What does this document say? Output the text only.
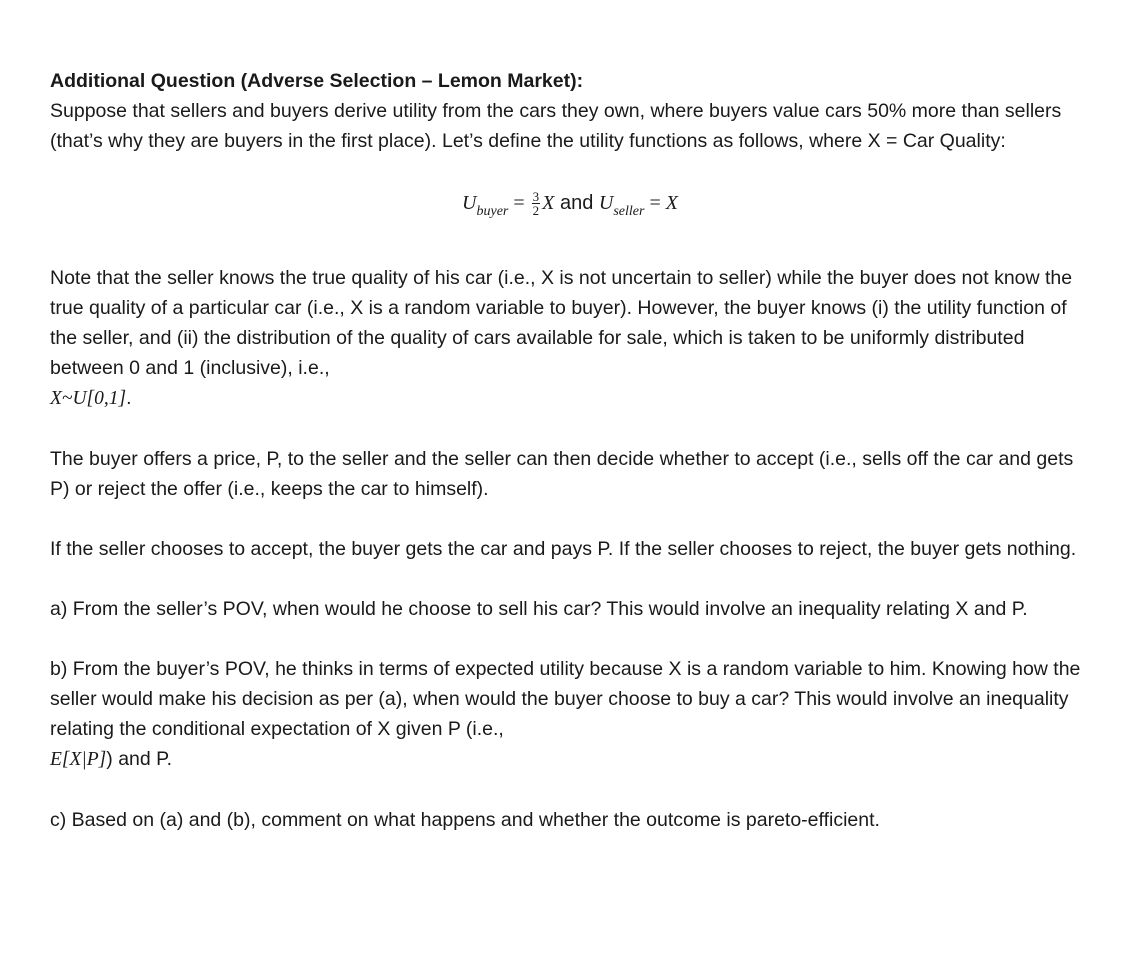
Additional Question (Adverse Selection – Lemon Market):

Suppose that sellers and buyers derive utility from the cars they own, where buyers value cars 50% more than sellers (that’s why they are buyers in the first place). Let’s define the utility functions as follows, where X = Car Quality:

$U_{buyer} = \frac{3}{2}$ X and $U_{seller} = X$

Note that the seller knows the true quality of his car (i.e., X is not uncertain to seller) while the buyer does not know the true quality of a particular car (i.e., X is a random variable to buyer). However, the buyer knows (i) the utility function of the seller, and (ii) the distribution of the quality of cars available for sale, which is taken to be uniformly distributed between 0 and 1 (inclusive), i.e.,
X~U[0,1].

The buyer offers a price, P, to the seller and the seller can then decide whether to accept (i.e., sells off the car and gets P) or reject the offer (i.e., keeps the car to himself).

If the seller chooses to accept, the buyer gets the car and pays P. If the seller chooses to reject, the buyer gets nothing.

a) From the seller’s POV, when would he choose to sell his car? This would involve an inequality relating X and P.

b) From the buyer’s POV, he thinks in terms of expected utility because X is a random variable to him. Knowing how the seller would make his decision as per (a), when would the buyer choose to buy a car? This would involve an inequality relating the conditional expectation of X given P (i.e.,
E[X|P]) and P.

c) Based on (a) and (b), comment on what happens and whether the outcome is pareto-efficient.
